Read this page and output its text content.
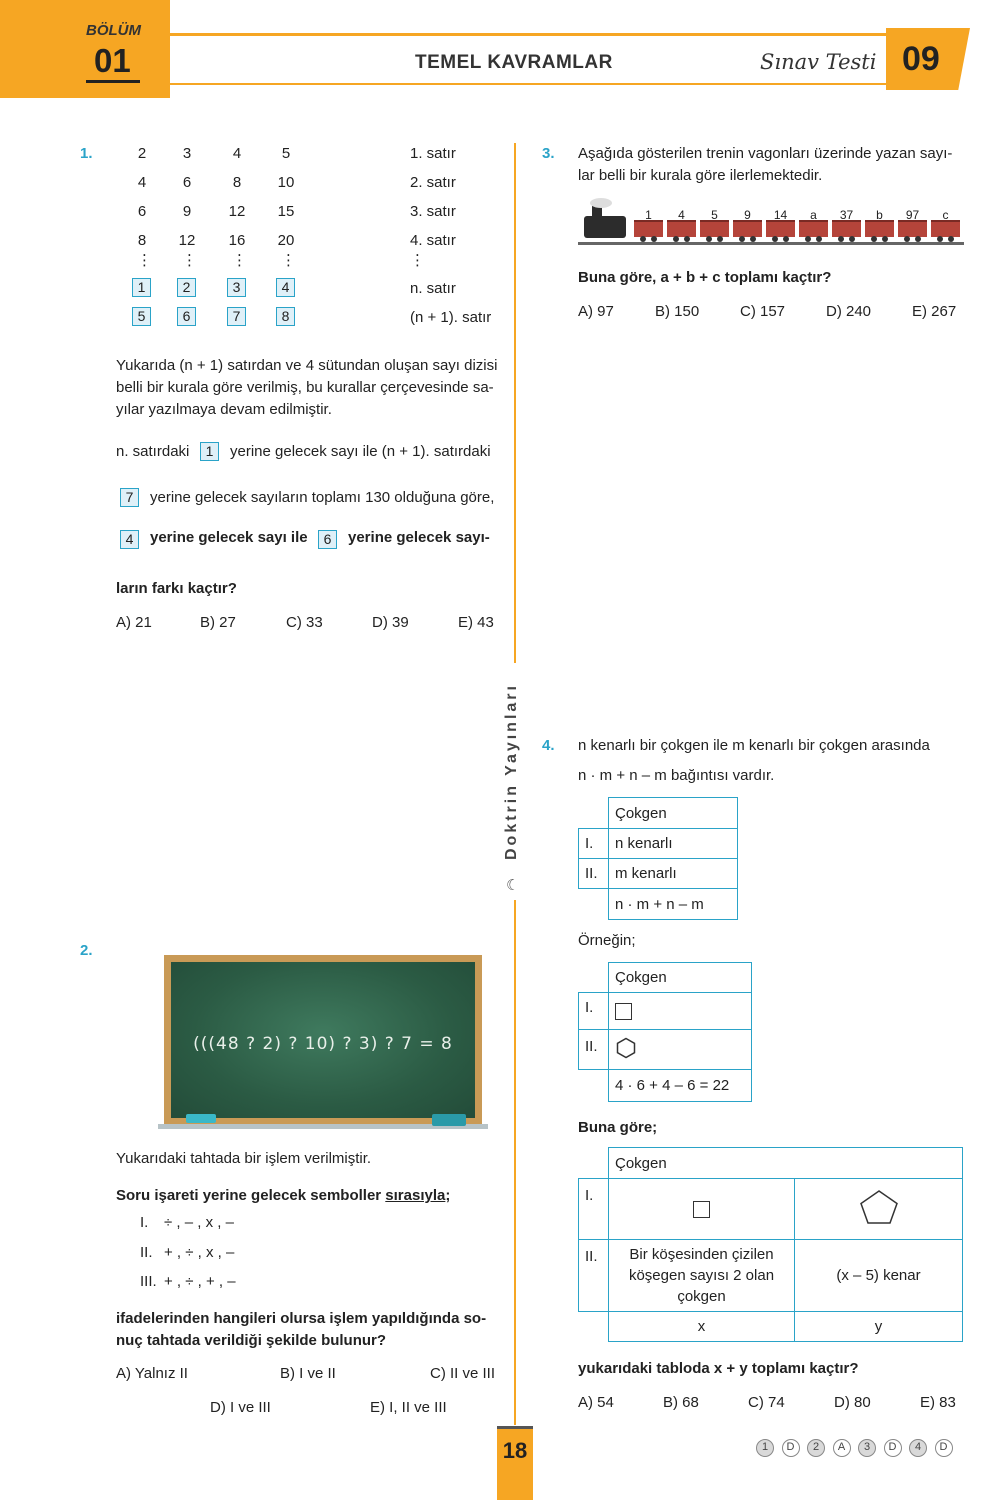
BÖLÜM
01	TEMEL KAVRAMLAR	Sınav Testi 09
Doktrin Yayınları
☾
1.	2	3	4	5	1. satır
4	6	8	10	2. satır
6	9	12 15	3. satır
8	12 16 20	4. satır
⋮ ⋮ ⋮ ⋮	⋮
1	2	3	4	n. satır
5	6	7	8	(n + 1). satır
ların farkı kaçtır?
Yukarıda (n + 1) satırdan ve 4 sütundan oluşan sayı dizisi
belli bir kurala göre verilmiş, bu kurallar çerçevesinde sa-
yılar yazılmaya devam edilmiştir.
n. satırdaki	1	yerine gelecek sayı ile (n + 1). satırdaki
7	yerine gelecek sayıların toplamı 130 olduğuna göre,
4	yerine gelecek sayı ile	6	yerine gelecek sayı-
A) 21	B) 27	C) 33	D) 39	E) 43
2.
(((48 ? 2) ? 10) ? 3) ? 7 = 8
Yukarıdaki tahtada bir işlem verilmiştir.
Soru işareti yerine gelecek semboller sırasıyla;
I. ÷ , – , x , –
II. + , ÷ , x , –
III. + , ÷ , + , –
ifadelerinden hangileri olursa işlem yapıldığında so-
nuç tahtada verildiği şekilde bulunur?
A) Yalnız II	B) I ve II	C) II ve III
D) I ve III	E) I, II ve III
3. Aşağıda gösterilen trenin vagonları üzerinde yazan sayı-
lar belli bir kurala göre ilerlemektedir.
1	4	5	9	14	a	37	b	97	c
Buna göre, a + b + c toplamı kaçtır?
A) 97	B) 150	C) 157	D) 240	E) 267
4. n kenarlı bir çokgen ile m kenarlı bir çokgen arasında
n · m + n – m bağıntısı vardır.
	Çokgen
I.	n kenarlı
II.	m kenarlı
	n · m + n – m
Örneğin;
	Çokgen
I.	
II.	
	4 · 6 + 4 – 6 = 22
Buna göre;
	Çokgen	
I.		
II.	Bir köşesinden çizilen köşegen sayısı 2 olan çokgen	(x – 5) kenar
	x	y
yukarıdaki tabloda x + y toplamı kaçtır?
A) 54	B) 68	C) 74	D) 80	E) 83
18	1	D	2	A	3	D	4	D
